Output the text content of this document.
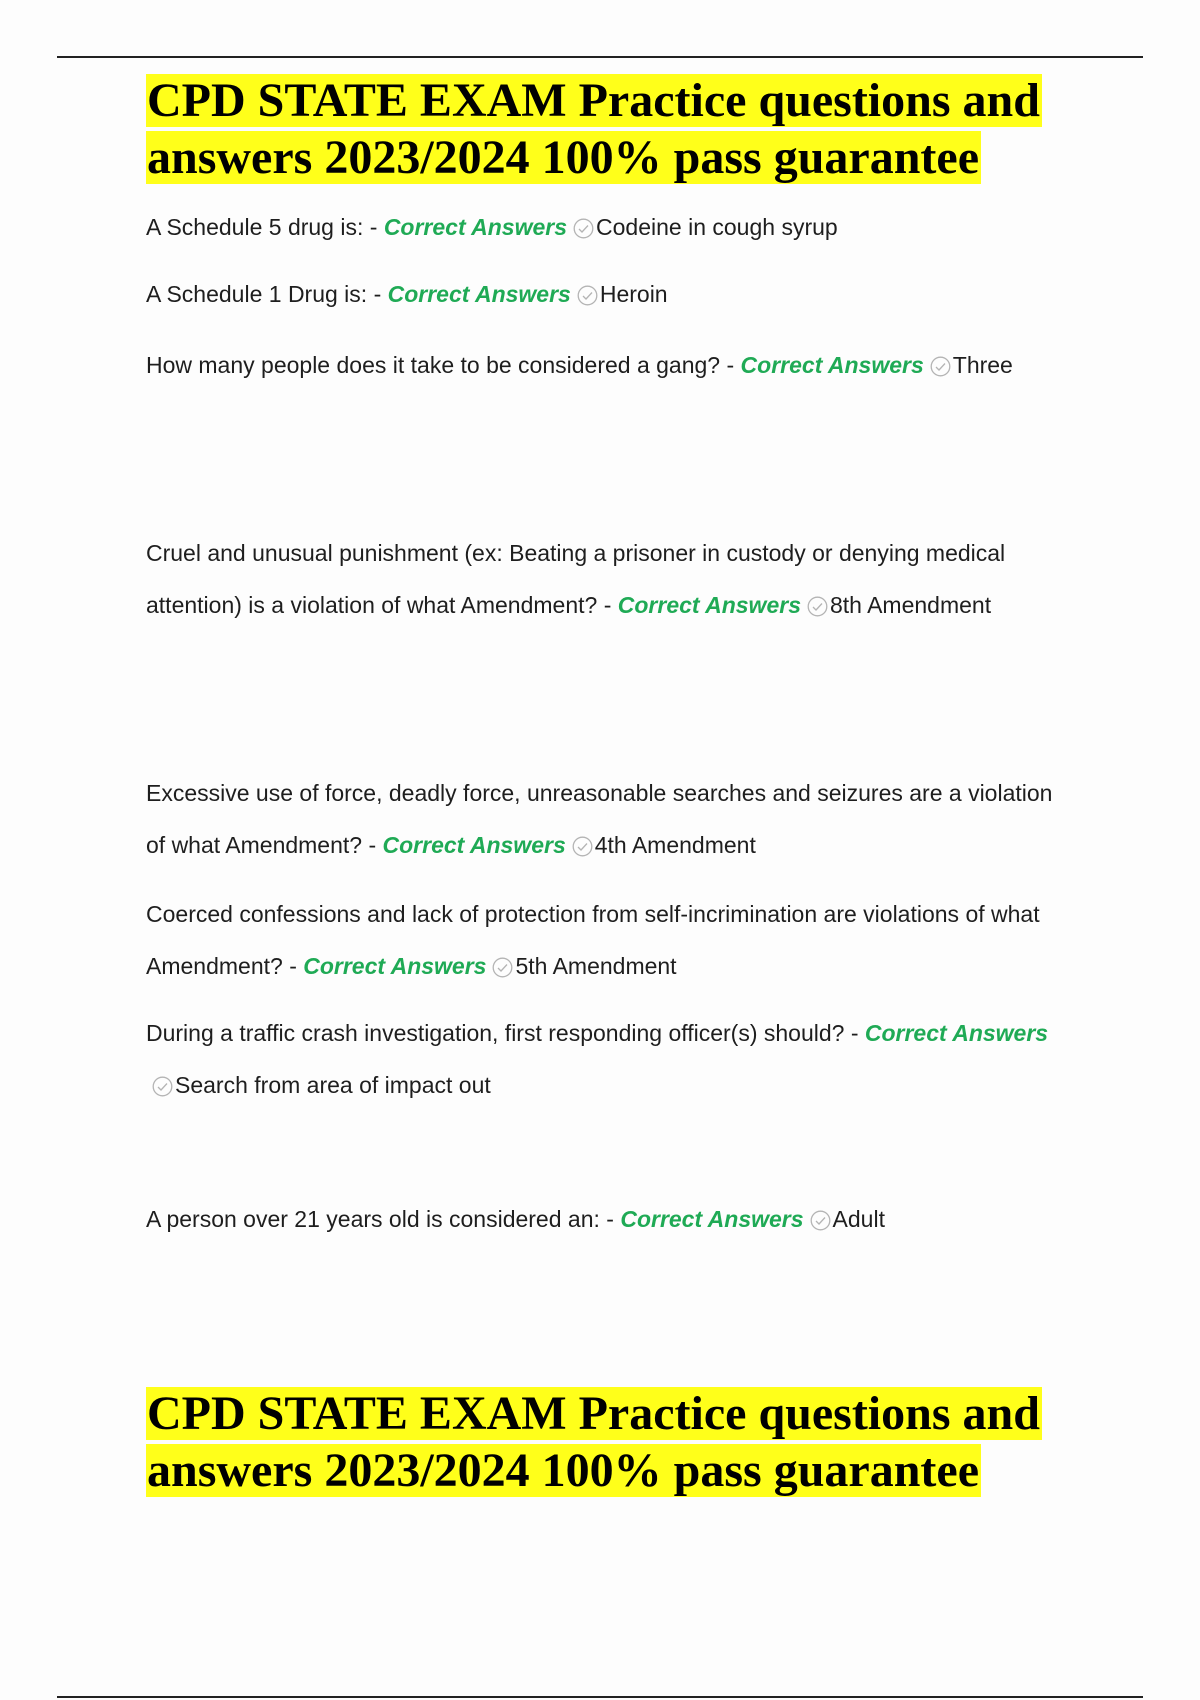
CPD STATE EXAM Practice questions and answers 2023/2024 100% pass guarantee

A Schedule 5 drug is: - Correct Answers Codeine in cough syrup

A Schedule 1 Drug is: - Correct Answers Heroin

How many people does it take to be considered a gang? - Correct Answers Three

Cruel and unusual punishment (ex: Beating a prisoner in custody or denying medical attention) is a violation of what Amendment? - Correct Answers 8th Amendment

Excessive use of force, deadly force, unreasonable searches and seizures are a violation of what Amendment? - Correct Answers 4th Amendment

Coerced confessions and lack of protection from self-incrimination are violations of what Amendment? - Correct Answers 5th Amendment

During a traffic crash investigation, first responding officer(s) should? - Correct Answers
Search from area of impact out

A person over 21 years old is considered an: - Correct Answers Adult

CPD STATE EXAM Practice questions and answers 2023/2024 100% pass guarantee
